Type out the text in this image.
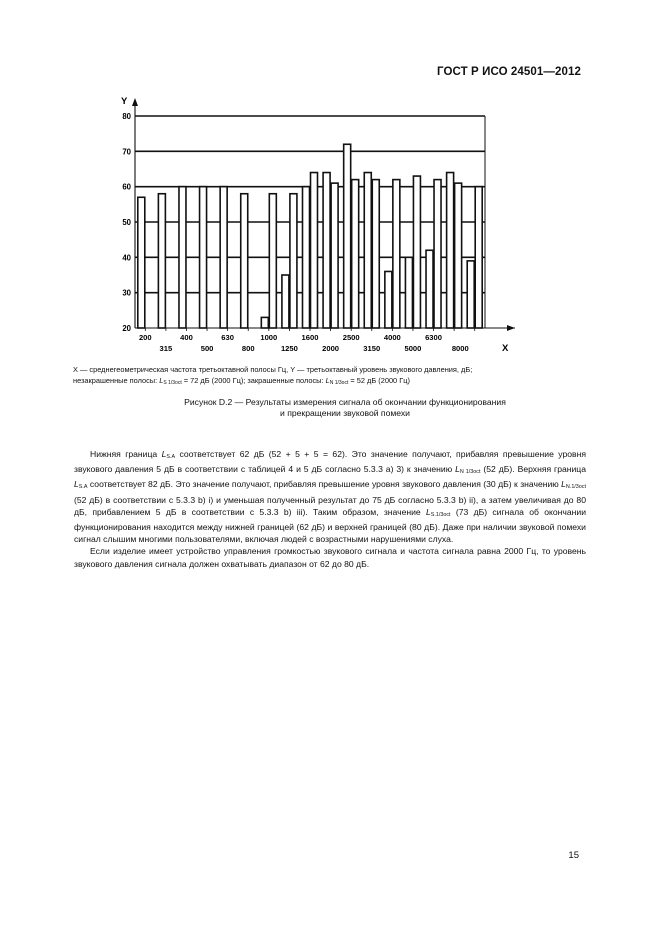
ГОСТ Р ИСО 24501—2012
Y
X
80
70
60
50
40
30
20
200	400	630	1000	1600	2500	4000	6300
315	500	800	1250	2000	3150	5000	8000
X — среднегеометрическая частота третьоктавной полосы Гц, Y — третьоктавный уровень звукового давления, дБ;
незакрашенные полосы: $L_{S 1/3oct} = 72$ дБ (2000 Гц); закрашенные полосы: $L_{N 1/3oct} = 52$ дБ (2000 Гц)
Рисунок D.2 — Результаты измерения сигнала об окончании функционирования
и прекращении звуковой помехи

Нижняя граница $L_{S.A}$ соответствует 62 дБ (52 + 5 + 5 = 62). Это значение получают, прибавляя превышение уровня звукового давления 5 дБ в соответствии с таблицей 4 и 5 дБ согласно 5.3.3 а) 3) к значению $L_{N 1/3oct}$ (52 дБ). Верхняя граница $L_{S.A}$ соответствует 82 дБ. Это значение получают, прибавляя превышение уровня звукового давления (30 дБ) к значению $L_{N.1/3oct}$ (52 дБ) в соответствии с 5.3.3 b) i) и уменьшая полученный результат до 75 дБ согласно 5.3.3 b) ii), а затем увеличивая до 80 дБ, прибавлением 5 дБ в соответствии с 5.3.3 b) iii). Таким образом, значение $L_{S.1/3oct}$ (73 дБ) сигнала об окончании функционирования находится между нижней границей (62 дБ) и верхней границей (80 дБ). Даже при наличии звуковой помехи сигнал слышим многими пользователями, включая людей с возрастными нарушениями слуха.

Если изделие имеет устройство управления громкостью звукового сигнала и частота сигнала равна 2000 Гц, то уровень звукового давления сигнала должен охватывать диапазон от 62 до 80 дБ.

15
